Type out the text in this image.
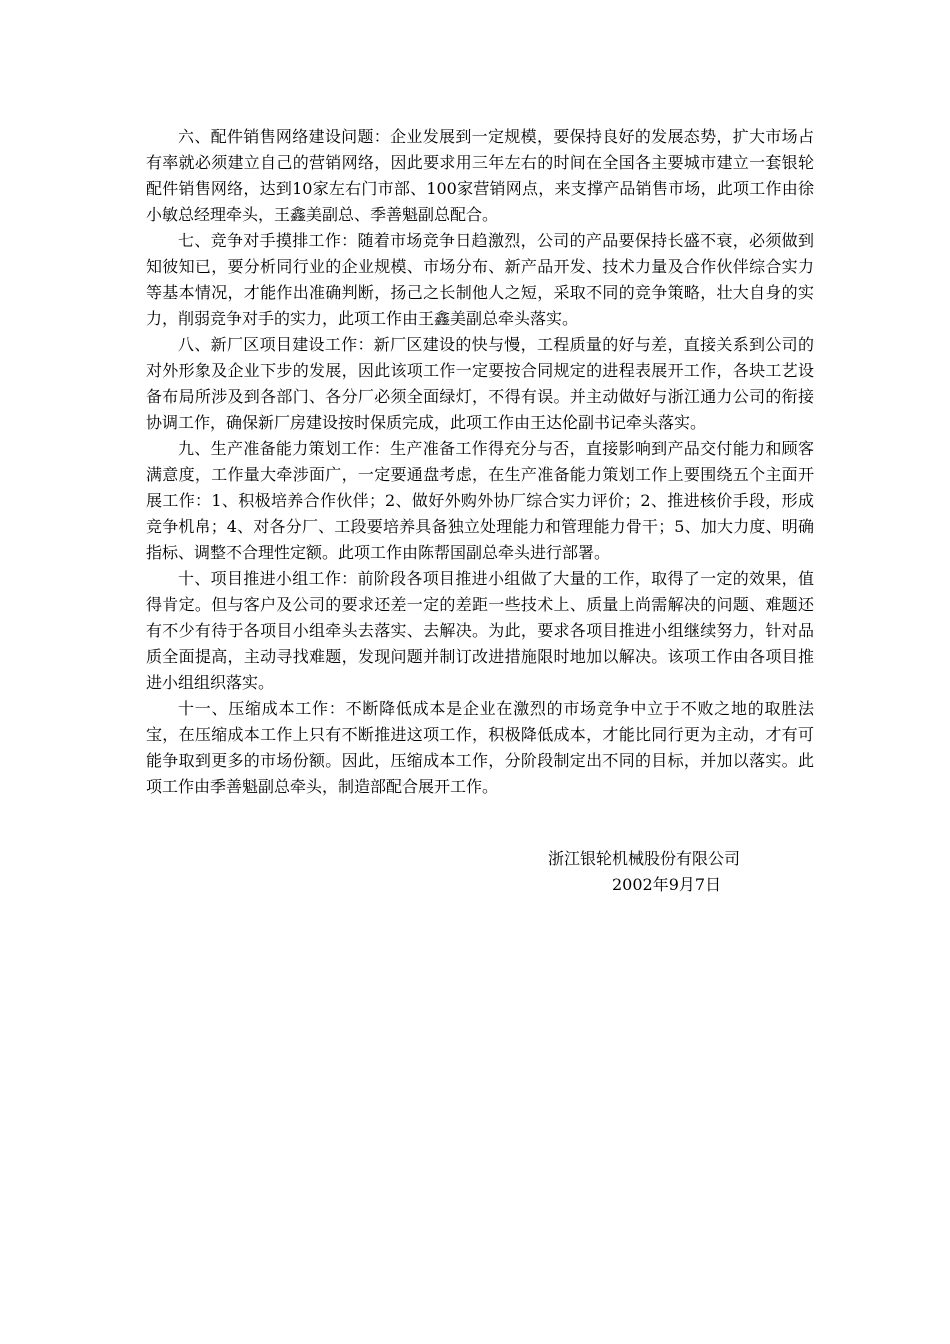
六、配件销售网络建设问题：企业发展到一定规模，要保持良好的发展态势，扩大市场占有率就必须建立自己的营销网络，因此要求用三年左右的时间在全国各主要城市建立一套银轮配件销售网络，达到10家左右门市部、100家营销网点，来支撑产品销售市场，此项工作由徐小敏总经理牵头，王鑫美副总、季善魁副总配合。

七、竞争对手摸排工作：随着市场竞争日趋激烈，公司的产品要保持长盛不衰，必须做到知彼知已，要分析同行业的企业规模、市场分布、新产品开发、技术力量及合作伙伴综合实力等基本情况，才能作出准确判断，扬己之长制他人之短，采取不同的竞争策略，壮大自身的实力，削弱竞争对手的实力，此项工作由王鑫美副总牵头落实。

八、新厂区项目建设工作：新厂区建设的快与慢，工程质量的好与差，直接关系到公司的对外形象及企业下步的发展，因此该项工作一定要按合同规定的进程表展开工作，各块工艺设备布局所涉及到各部门、各分厂必须全面绿灯，不得有误。并主动做好与浙江通力公司的衔接协调工作，确保新厂房建设按时保质完成，此项工作由王达伦副书记牵头落实。

九、生产准备能力策划工作：生产准备工作得充分与否，直接影响到产品交付能力和顾客满意度，工作量大牵涉面广，一定要通盘考虑，在生产准备能力策划工作上要围绕五个主面开展工作：1、积极培养合作伙伴；2、做好外购外协厂综合实力评价；2、推进核价手段，形成竞争机帛；4、对各分厂、工段要培养具备独立处理能力和管理能力骨干；5、加大力度、明确指标、调整不合理性定额。此项工作由陈帮国副总牵头进行部署。

十、项目推进小组工作：前阶段各项目推进小组做了大量的工作，取得了一定的效果，值得肯定。但与客户及公司的要求还差一定的差距一些技术上、质量上尚需解决的问题、难题还有不少有待于各项目小组牵头去落实、去解决。为此，要求各项目推进小组继续努力，针对品质全面提高，主动寻找难题，发现问题并制订改进措施限时地加以解决。该项工作由各项目推进小组组织落实。

十一、压缩成本工作：不断降低成本是企业在激烈的市场竞争中立于不败之地的取胜法宝，在压缩成本工作上只有不断推进这项工作，积极降低成本，才能比同行更为主动，才有可能争取到更多的市场份额。因此，压缩成本工作，分阶段制定出不同的目标，并加以落实。此项工作由季善魁副总牵头，制造部配合展开工作。

浙江银轮机械股份有限公司
2002年9月7日
